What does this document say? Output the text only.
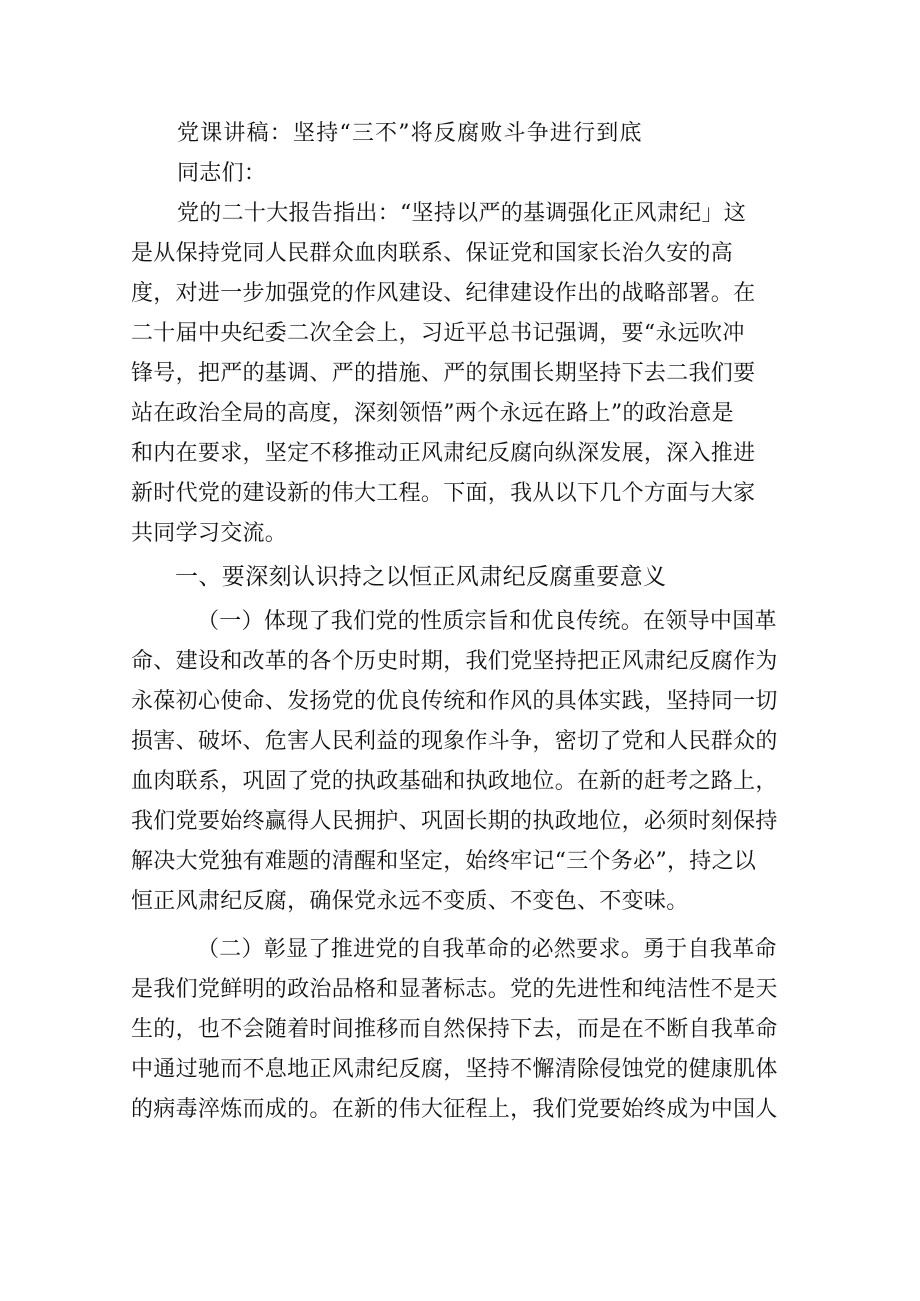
党课讲稿：坚持“三不”将反腐败斗争进行到底
同志们：
党的二十大报告指出：“坚持以严的基调强化正风肃纪」这
是从保持党同人民群众血肉联系、保证党和国家长治久安的高
度，对进一步加强党的作风建设、纪律建设作出的战略部署。在
二十届中央纪委二次全会上，习近平总书记强调，要“永远吹冲
锋号，把严的基调、严的措施、严的氛围长期坚持下去二我们要
站在政治全局的高度，深刻领悟”两个永远在路上”的政治意是
和内在要求，坚定不移推动正风肃纪反腐向纵深发展，深入推进
新时代党的建设新的伟大工程。下面，我从以下几个方面与大家
共同学习交流。
一、要深刻认识持之以恒正风肃纪反腐重要意义
（一）体现了我们党的性质宗旨和优良传统。在领导中国革
命、建设和改革的各个历史时期，我们党坚持把正风肃纪反腐作为
永葆初心使命、发扬党的优良传统和作风的具体实践，坚持同一切
损害、破坏、危害人民利益的现象作斗争，密切了党和人民群众的
血肉联系，巩固了党的执政基础和执政地位。在新的赶考之路上，
我们党要始终赢得人民拥护、巩固长期的执政地位，必须时刻保持
解决大党独有难题的清醒和坚定，始终牢记“三个务必”，持之以
恒正风肃纪反腐，确保党永远不变质、不变色、不变味。
（二）彰显了推进党的自我革命的必然要求。勇于自我革命
是我们党鲜明的政治品格和显著标志。党的先进性和纯洁性不是天
生的，也不会随着时间推移而自然保持下去，而是在不断自我革命
中通过驰而不息地正风肃纪反腐，坚持不懈清除侵蚀党的健康肌体
的病毒淬炼而成的。在新的伟大征程上，我们党要始终成为中国人
